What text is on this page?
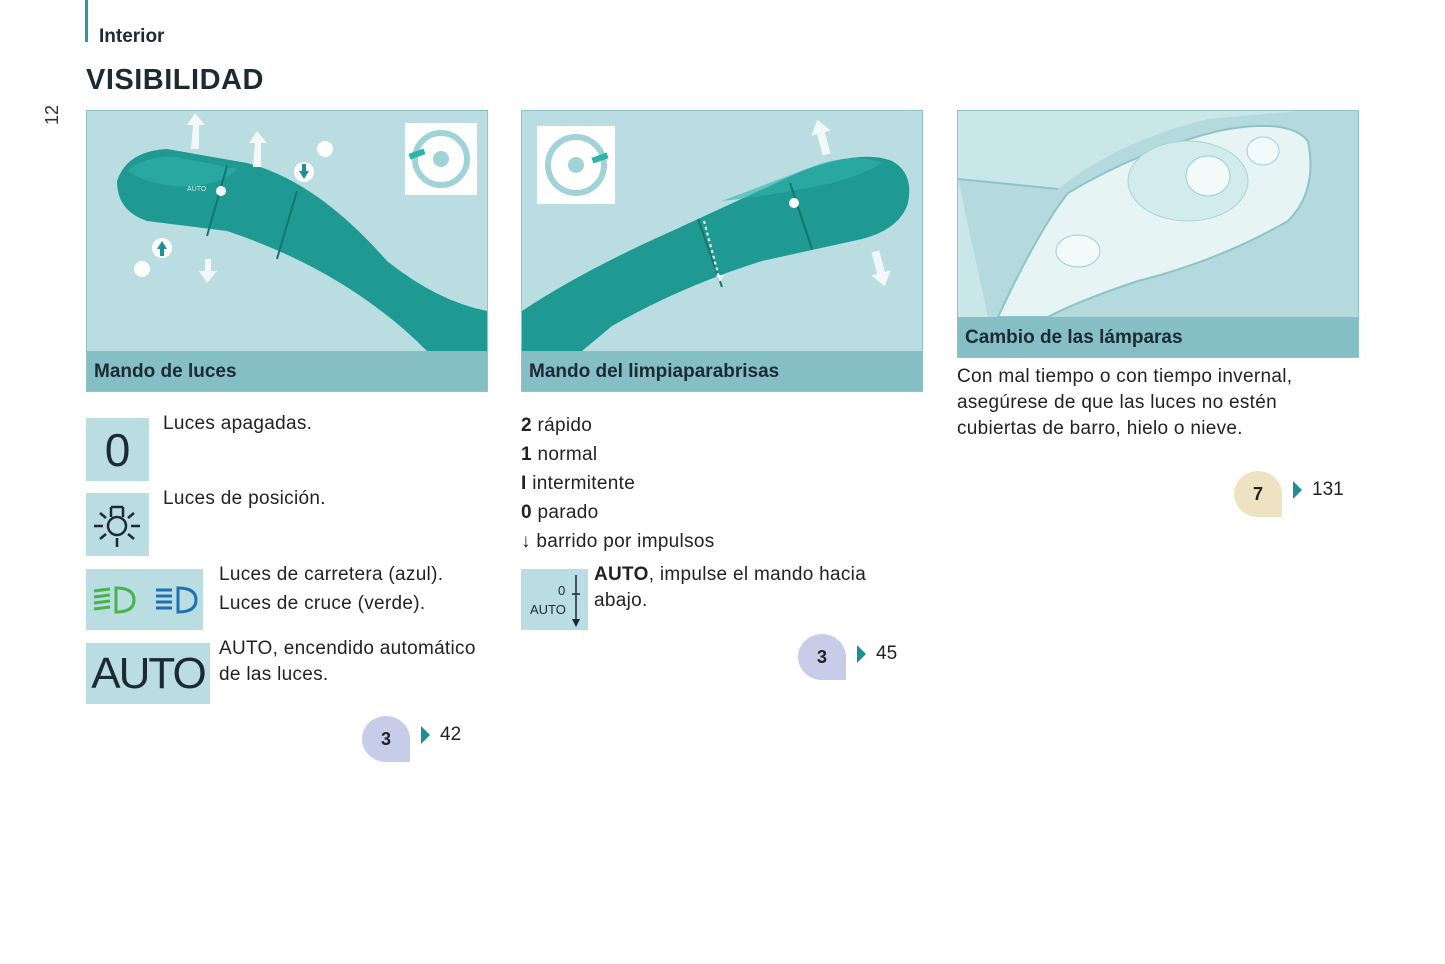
Interior
VISIBILIDAD
12
AUTO
Mando de luces
0 Luces apagadas.
Luces de posición.
Luces de carretera (azul).
Luces de cruce (verde).
AUTO AUTO, encendido automático
de las luces.
3	42
Mando del limpiaparabrisas
2 rápido
1 normal
I intermitente
0 parado
↓ barrido por impulsos
0
AUTO
AUTO, impulse el mando hacia
abajo.
3	45
Cambio de las lámparas
Con mal tiempo o con tiempo invernal,
asegúrese de que las luces no estén
cubiertas de barro, hielo o nieve.
7	131
